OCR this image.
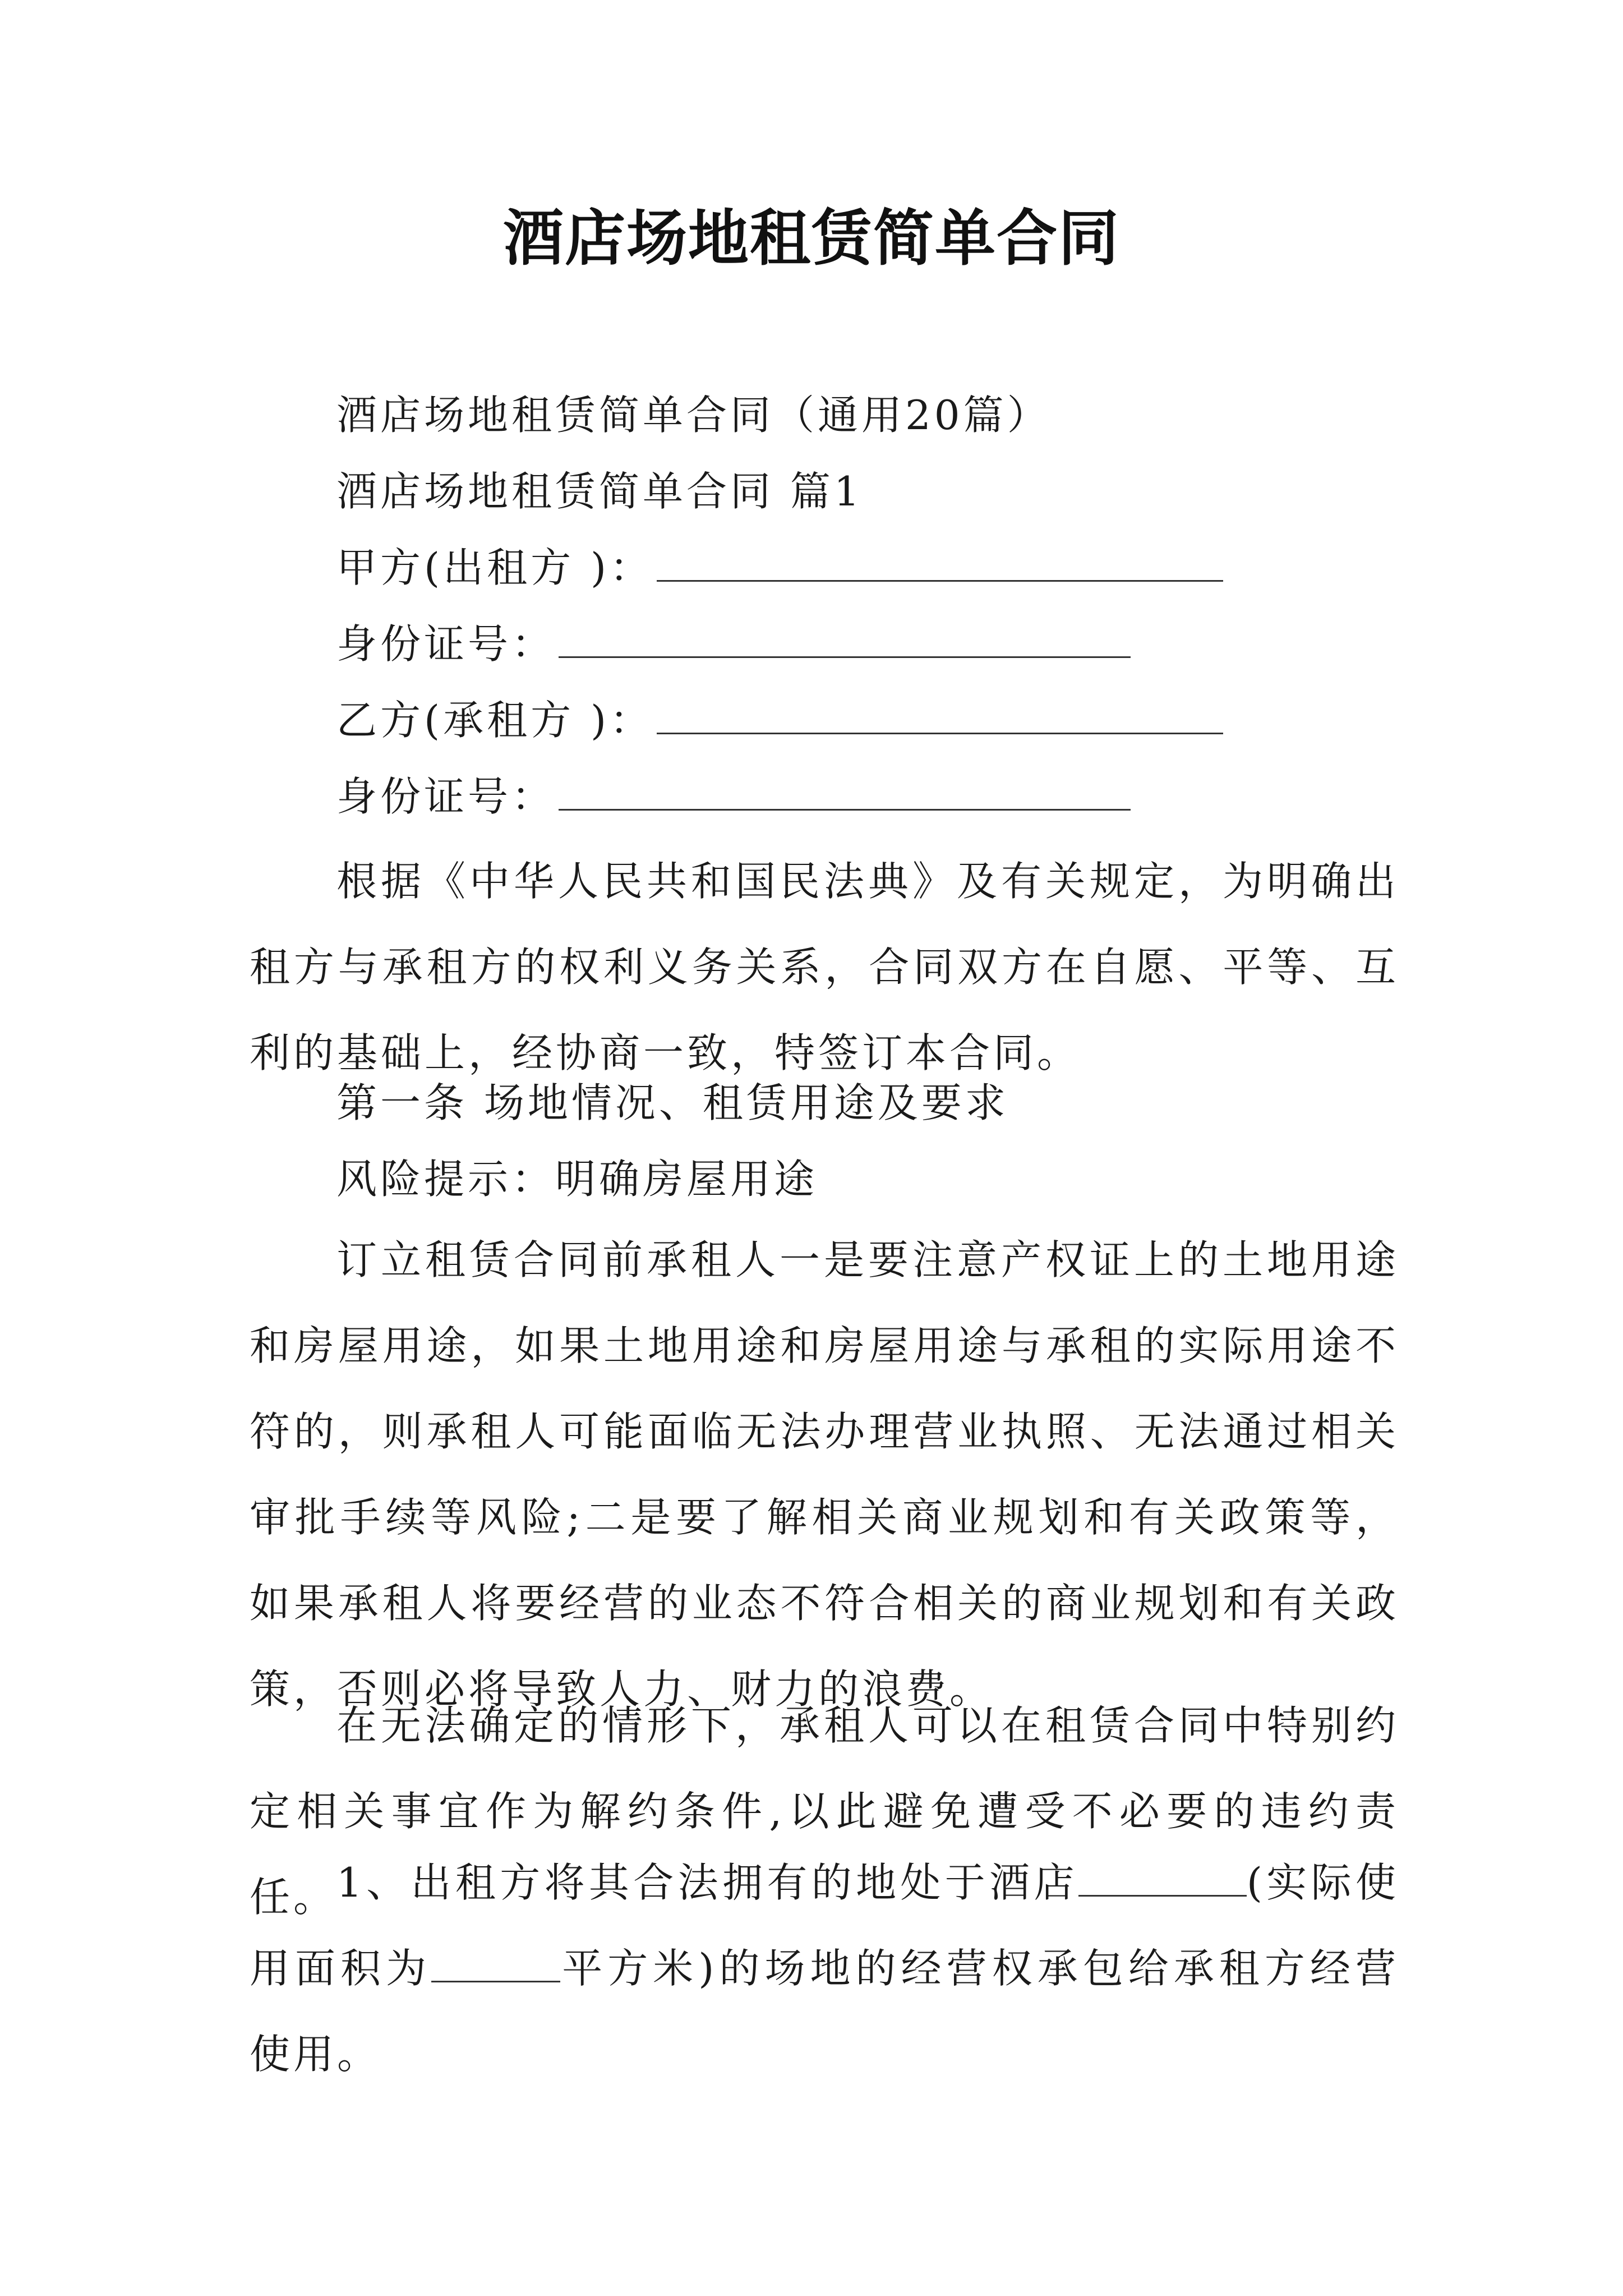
酒店场地租赁简单合同
酒店场地租赁简单合同（通用20篇）
酒店场地租赁简单合同 篇1
甲方(出租方 )：
身份证号：
乙方(承租方 )：
身份证号：

根据《中华人民共和国民法典》及有关规定，为明确出租方与承租方的权利义务关系，合同双方在自愿、平等、互利的基础上，经协商一致，特签订本合同。

第一条 场地情况、租赁用途及要求
风险提示：明确房屋用途

订立租赁合同前承租人一是要注意产权证上的土地用途和房屋用途，如果土地用途和房屋用途与承租的实际用途不符的，则承租人可能面临无法办理营业执照、无法通过相关审批手续等风险;二是要了解相关商业规划和有关政策等，如果承租人将要经营的业态不符合相关的商业规划和有关政策，否则必将导致人力、财力的浪费。

在无法确定的情形下，承租人可以在租赁合同中特别约定相关事宜作为解约条件,以此避免遭受不必要的违约责任。

1、出租方将其合法拥有的地处于酒店	(实际使用面积为	平方米)的场地的经营权承包给承租方经营使用。
